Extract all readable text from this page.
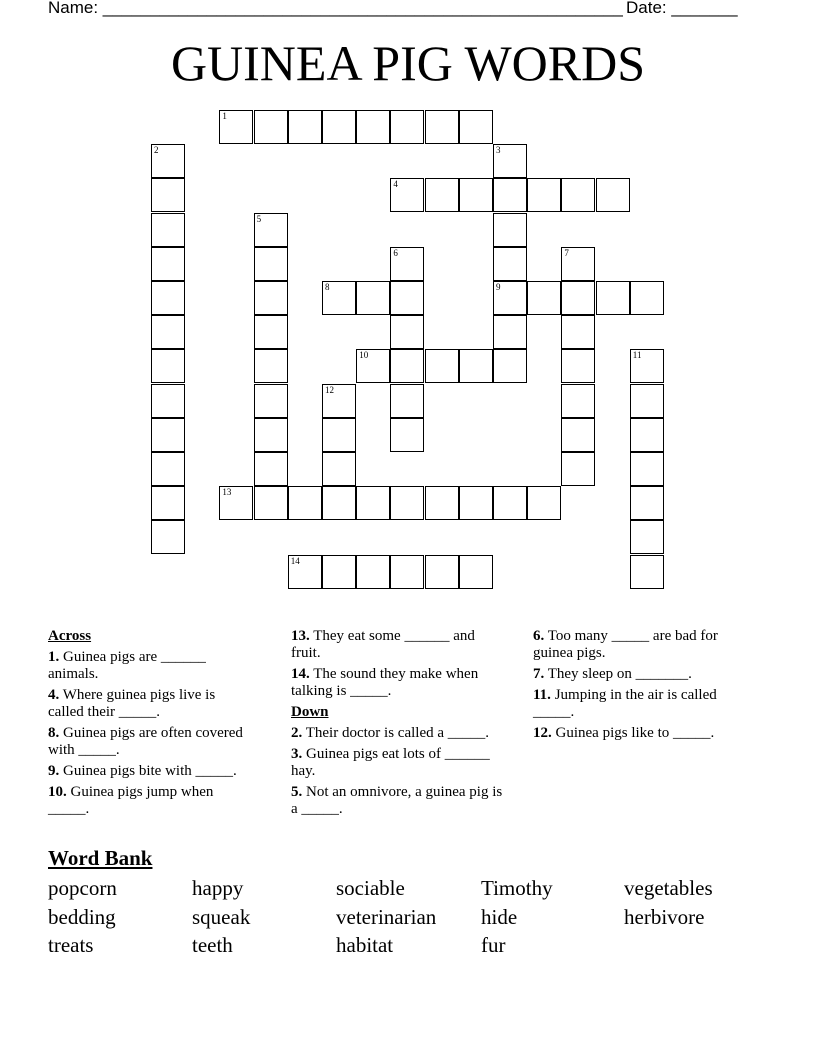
Name: _______________________________________________________ Date: _______
GUINEA PIG WORDS
1
2	3
9
4
5
6	7
8
10	11
12
13
14
Across
1. Guinea pigs are ______ animals.
4. Where guinea pigs live is called their _____.
8. Guinea pigs are often covered with _____.
9. Guinea pigs bite with _____.
10. Guinea pigs jump when _____.
13. They eat some ______ and fruit.
14. The sound they make when talking is _____.
Down
2. Their doctor is called a _____.
3. Guinea pigs eat lots of ______ hay.
5. Not an omnivore, a guinea pig is a _____.
6. Too many _____ are bad for guinea pigs.
7. They sleep on _______.
11. Jumping in the air is called _____.
12. Guinea pigs like to _____.
Word Bank
popcorn	happy	sociable	Timothy	vegetables
bedding	squeak	veterinarian	hide	herbivore
treats	teeth	habitat	fur
